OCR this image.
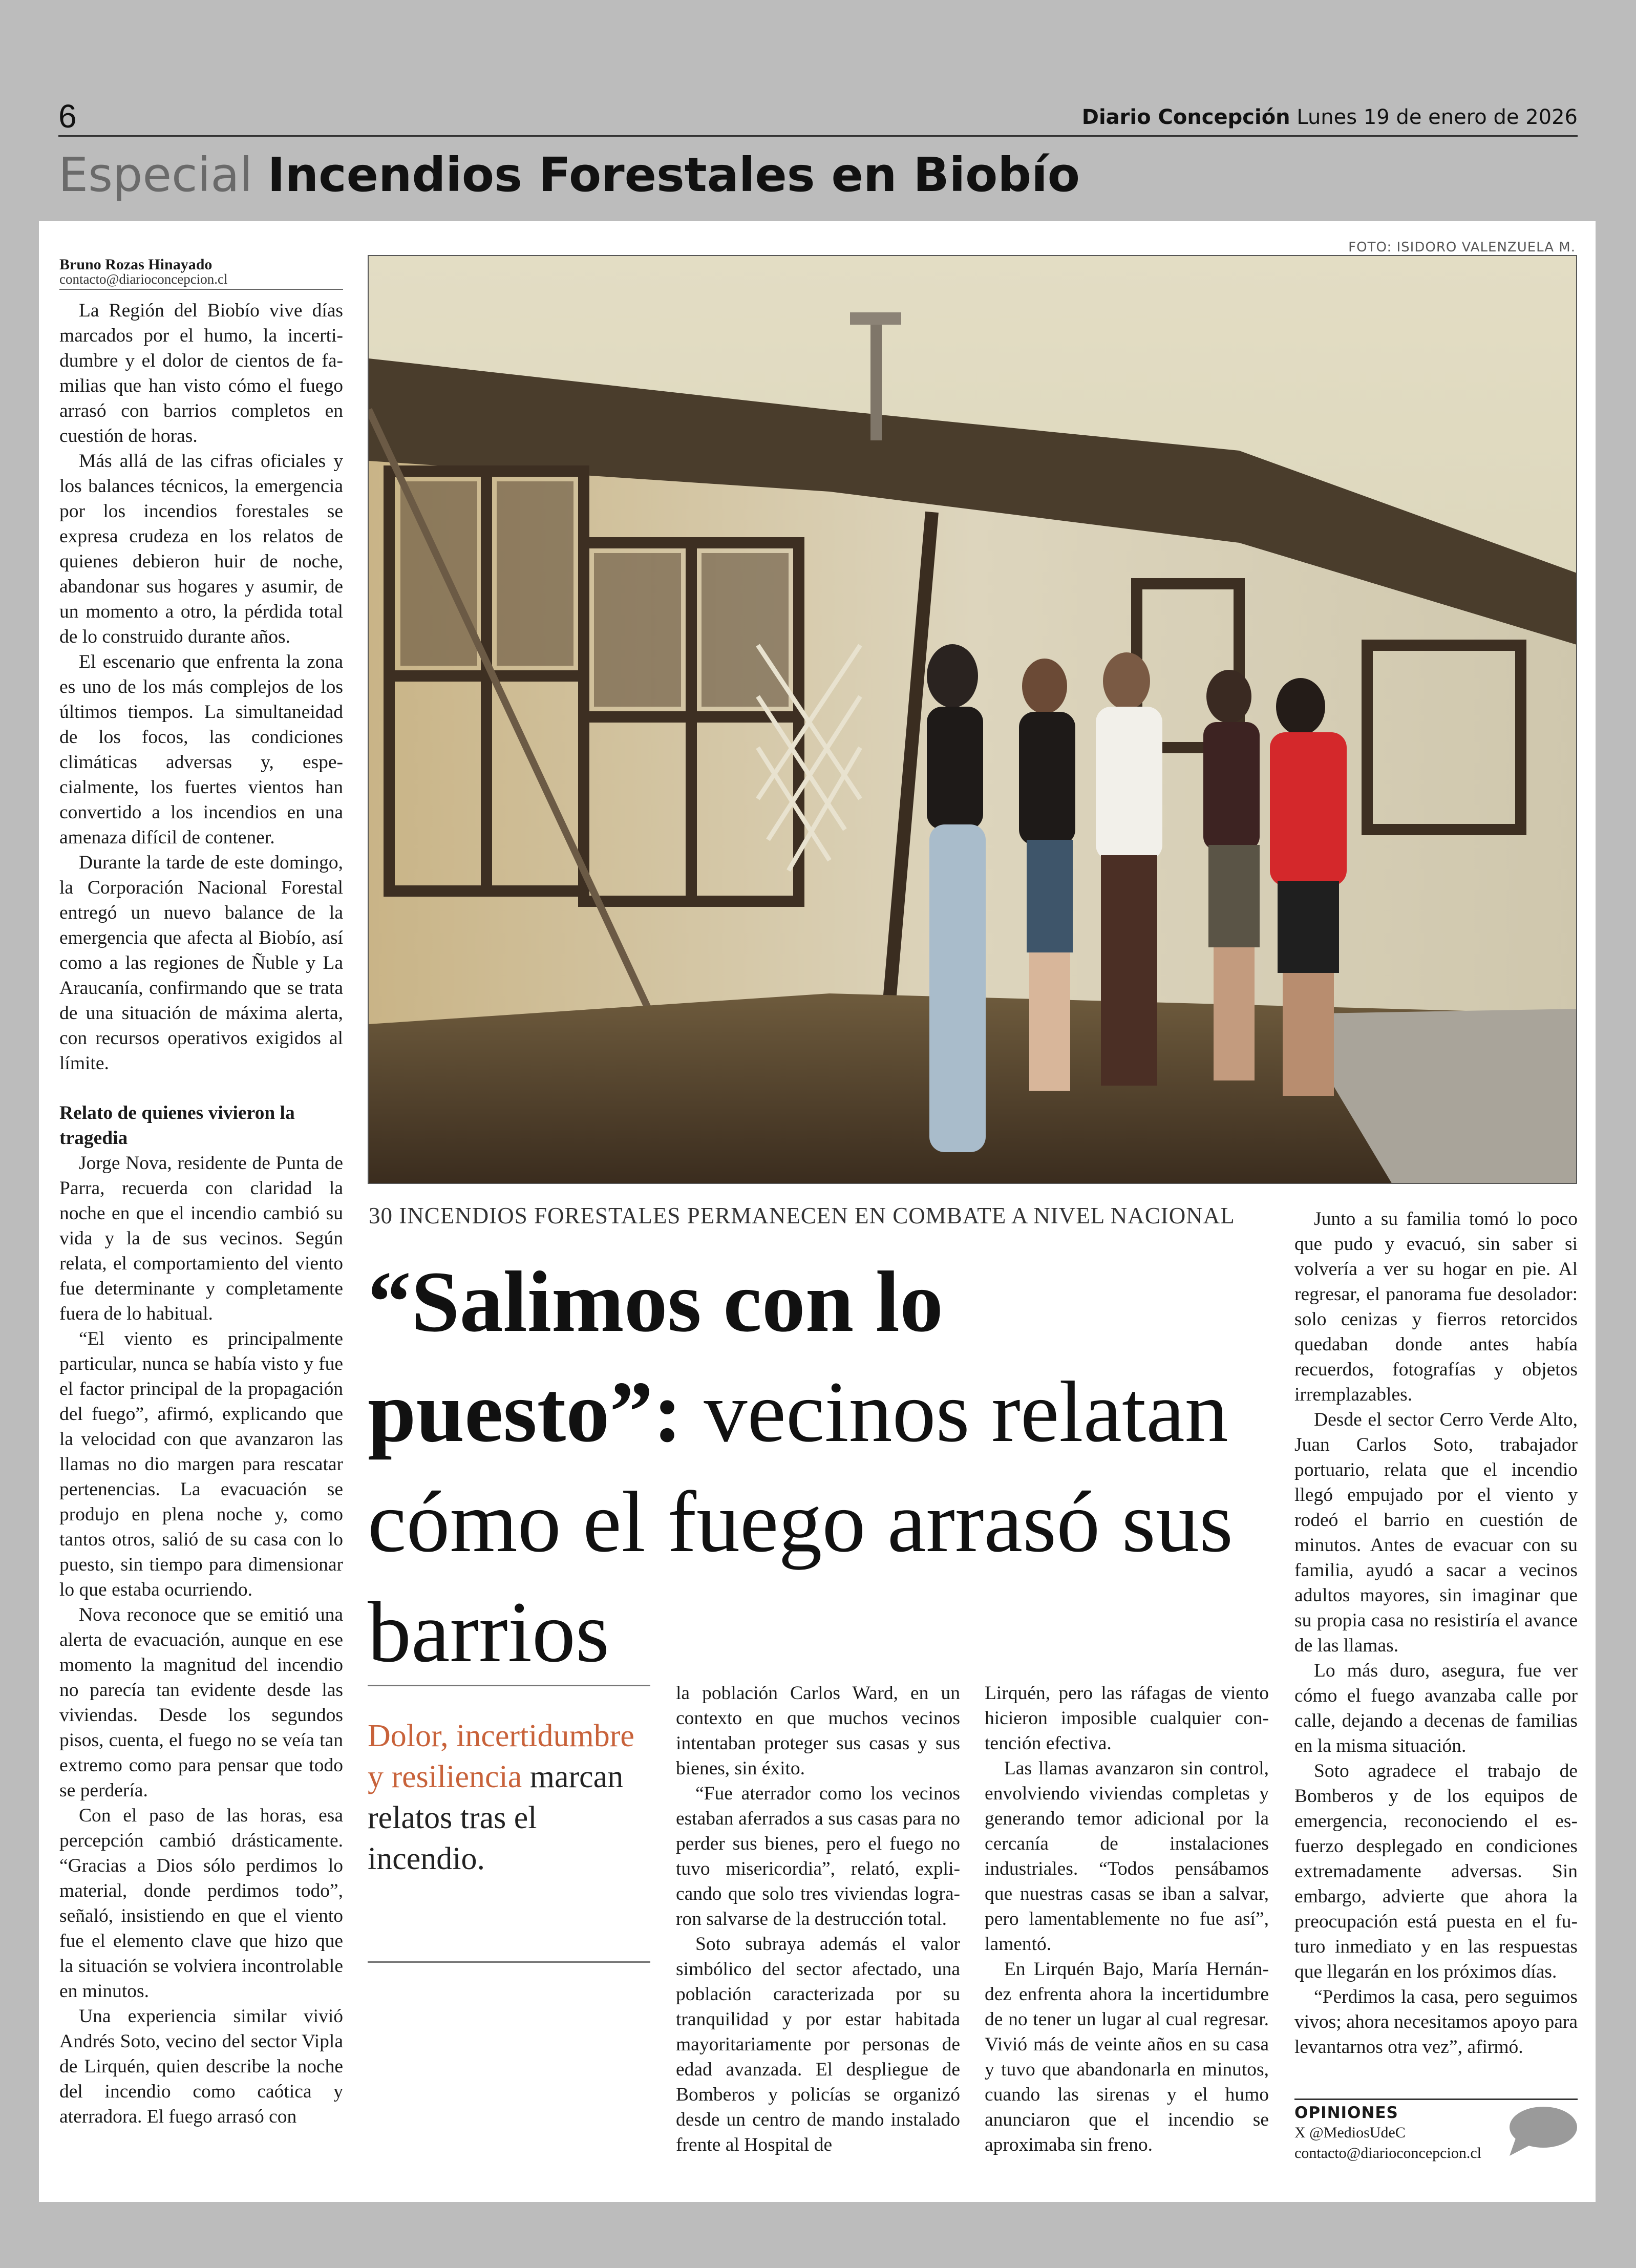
6	Diario Concepción Lunes 19 de enero de 2026
Especial Incendios Forestales en Biobío
FOTO: ISIDORO VALENZUELA M.
Bruno Rozas Hinayado
contacto@diarioconcepcion.cl

La Región del Biobío vive días marcados por el humo, la incertidumbre y el dolor de cientos de familias que han visto cómo el fuego arrasó con barrios completos en cuestión de horas.

Más allá de las cifras oficiales y los balances técnicos, la emergencia por los incendios forestales se expresa crudeza en los relatos de quienes debieron huir de noche, abandonar sus hogares y asumir, de un momento a otro, la pérdida total de lo construido durante años.

El escenario que enfrenta la zona es uno de los más complejos de los últimos tiempos. La simultaneidad de los focos, las condiciones climáticas adversas y, especialmente, los fuertes vientos han convertido a los incendios en una amenaza difícil de contener.

Durante la tarde de este domingo, la Corporación Nacional Forestal entregó un nuevo balance de la emergencia que afecta al Biobío, así como a las regiones de Ñuble y La Araucanía, confirmando que se trata de una situación de máxima alerta, con recursos operativos exigidos al límite.

Relato de quienes vivieron la tragedia

Jorge Nova, residente de Punta de Parra, recuerda con claridad la noche en que el incendio cambió su vida y la de sus vecinos. Según relata, el comportamiento del viento fue determinante y completamente fuera de lo habitual.

“El viento es principalmente particular, nunca se había visto y fue el factor principal de la propagación del fuego”, afirmó, explicando que la velocidad con que avanzaron las llamas no dio margen para rescatar pertenencias. La evacuación se produjo en plena noche y, como tantos otros, salió de su casa con lo puesto, sin tiempo para dimensionar lo que estaba ocurriendo.

Nova reconoce que se emitió una alerta de evacuación, aunque en ese momento la magnitud del incendio no parecía tan evidente desde las viviendas. Desde los segundos pisos, cuenta, el fuego no se veía tan extremo como para pensar que todo se perdería.

Con el paso de las horas, esa percepción cambió drásticamente. “Gracias a Dios sólo perdimos lo material, donde perdimos todo”, señaló, insistiendo en que el viento fue el elemento clave que hizo que la situación se volviera incontrolable en minutos.

Una experiencia similar vivió Andrés Soto, vecino del sector Vipla de Lirquén, quien describe la noche del incendio como caótica y aterradora. El fuego arrasó con

30 INCENDIOS FORESTALES PERMANECEN EN COMBATE A NIVEL NACIONAL
“Salimos con lo puesto”: vecinos relatan cómo el fuego arrasó sus barrios
Dolor, incertidumbre y resiliencia marcan relatos tras el incendio.

la población Carlos Ward, en un contexto en que muchos vecinos intentaban proteger sus casas y sus bienes, sin éxito.

“Fue aterrador como los vecinos estaban aferrados a sus casas para no perder sus bienes, pero el fuego no tuvo misericordia”, relató, explicando que solo tres viviendas lograron salvarse de la destrucción total.

Soto subraya además el valor simbólico del sector afectado, una población caracterizada por su tranquilidad y por estar habitada mayoritariamente por personas de edad avanzada. El despliegue de Bomberos y policías se organizó desde un centro de mando instalado frente al Hospital de

Lirquén, pero las ráfagas de viento hicieron imposible cualquier contención efectiva.

Las llamas avanzaron sin control, envolviendo viviendas completas y generando temor adicional por la cercanía de instalaciones industriales. “Todos pensábamos que nuestras casas se iban a salvar, pero lamentablemente no fue así”, lamentó.

En Lirquén Bajo, María Hernández enfrenta ahora la incertidumbre de no tener un lugar al cual regresar. Vivió más de veinte años en su casa y tuvo que abandonarla en minutos, cuando las sirenas y el humo anunciaron que el incendio se aproximaba sin freno.

Junto a su familia tomó lo poco que pudo y evacuó, sin saber si volvería a ver su hogar en pie. Al regresar, el panorama fue desolador: solo cenizas y fierros retorcidos quedaban donde antes había recuerdos, fotografías y objetos irremplazables.

Desde el sector Cerro Verde Alto, Juan Carlos Soto, trabajador portuario, relata que el incendio llegó empujado por el viento y rodeó el barrio en cuestión de minutos. Antes de evacuar con su familia, ayudó a sacar a vecinos adultos mayores, sin imaginar que su propia casa no resistiría el avance de las llamas.

Lo más duro, asegura, fue ver cómo el fuego avanzaba calle por calle, dejando a decenas de familias en la misma situación.

Soto agradece el trabajo de Bomberos y de los equipos de emergencia, reconociendo el esfuerzo desplegado en condiciones extremadamente adversas. Sin embargo, advierte que ahora la preocupación está puesta en el futuro inmediato y en las respuestas que llegarán en los próximos días.

“Perdimos la casa, pero seguimos vivos; ahora necesitamos apoyo para levantarnos otra vez”, afirmó.

OPINIONES
X @MediosUdeC
contacto@diarioconcepcion.cl
